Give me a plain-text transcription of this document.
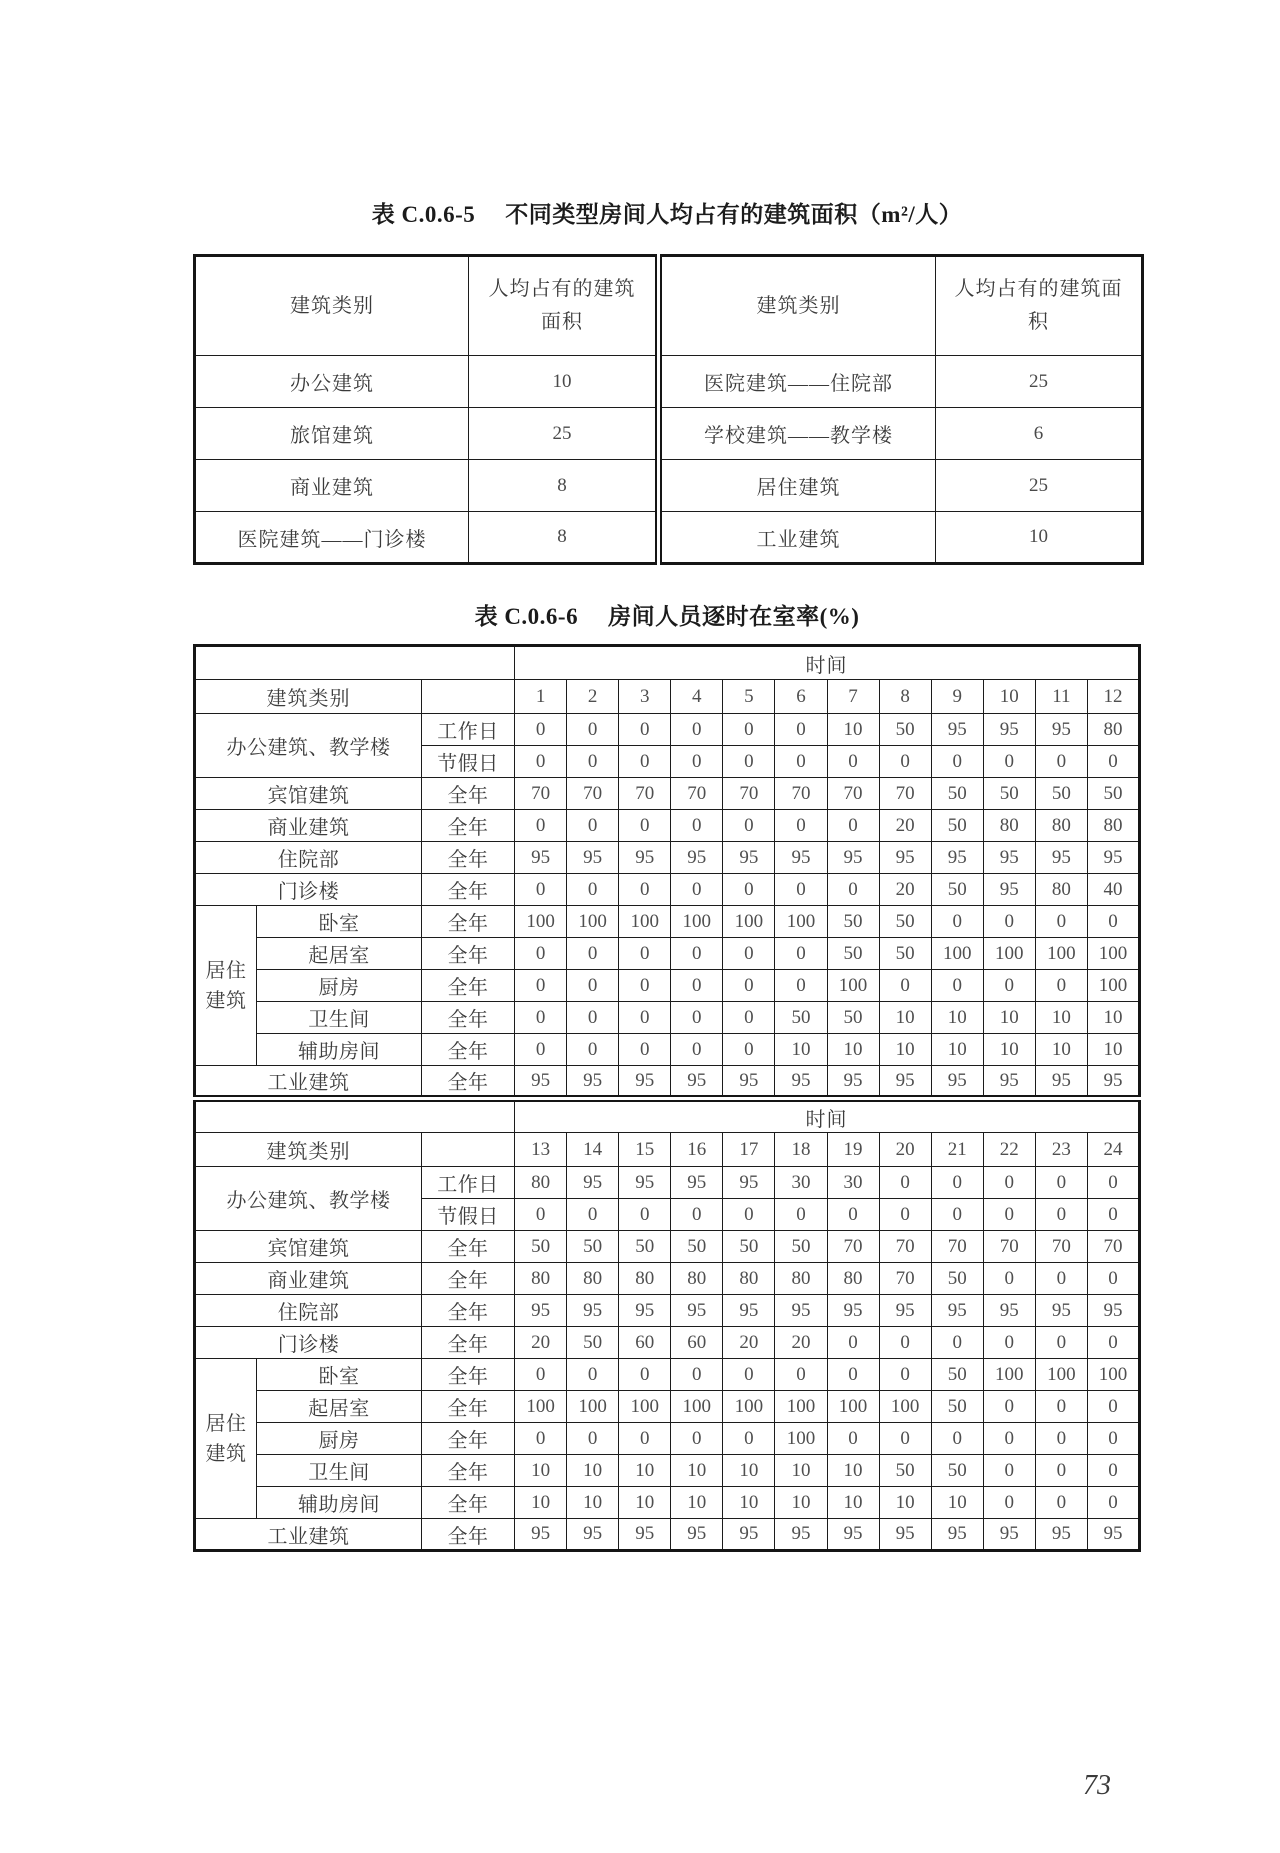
表 C.0.6-5 不同类型房间人均占有的建筑面积（m²/人）
建筑类别	人均占有的建筑面积	建筑类别	人均占有的建筑面积
办公建筑	10	医院建筑——住院部	25
旅馆建筑	25	学校建筑——教学楼	6
商业建筑	8	居住建筑	25
医院建筑——门诊楼	8	工业建筑	10
表 C.0.6-6 房间人员逐时在室率(%)
			时间											
建筑类别			1	2	3	4	5	6	7	8	9	10	11	12
办公建筑、教学楼		工作日	0	0	0	0	0	0	10	50	95	95	95	80
		节假日	0	0	0	0	0	0	0	0	0	0	0	0
宾馆建筑		全年	70	70	70	70	70	70	70	70	50	50	50	50
商业建筑		全年	0	0	0	0	0	0	0	20	50	80	80	80
住院部		全年	95	95	95	95	95	95	95	95	95	95	95	95
门诊楼		全年	0	0	0	0	0	0	0	20	50	95	80	40
居住建筑	卧室	全年	100	100	100	100	100	100	50	50	0	0	0	0
	起居室	全年	0	0	0	0	0	0	50	50	100	100	100	100
	厨房	全年	0	0	0	0	0	0	100	0	0	0	0	100
	卫生间	全年	0	0	0	0	0	50	50	10	10	10	10	10
	辅助房间	全年	0	0	0	0	0	10	10	10	10	10	10	10
工业建筑		全年	95	95	95	95	95	95	95	95	95	95	95	95
			时间											
建筑类别			13	14	15	16	17	18	19	20	21	22	23	24
办公建筑、教学楼		工作日	80	95	95	95	95	30	30	0	0	0	0	0
		节假日	0	0	0	0	0	0	0	0	0	0	0	0
宾馆建筑		全年	50	50	50	50	50	50	70	70	70	70	70	70
商业建筑		全年	80	80	80	80	80	80	80	70	50	0	0	0
住院部		全年	95	95	95	95	95	95	95	95	95	95	95	95
门诊楼		全年	20	50	60	60	20	20	0	0	0	0	0	0
居住建筑	卧室	全年	0	0	0	0	0	0	0	0	50	100	100	100
	起居室	全年	100	100	100	100	100	100	100	100	50	0	0	0
	厨房	全年	0	0	0	0	0	100	0	0	0	0	0	0
	卫生间	全年	10	10	10	10	10	10	10	50	50	0	0	0
	辅助房间	全年	10	10	10	10	10	10	10	10	10	0	0	0
工业建筑		全年	95	95	95	95	95	95	95	95	95	95	95	95
73
